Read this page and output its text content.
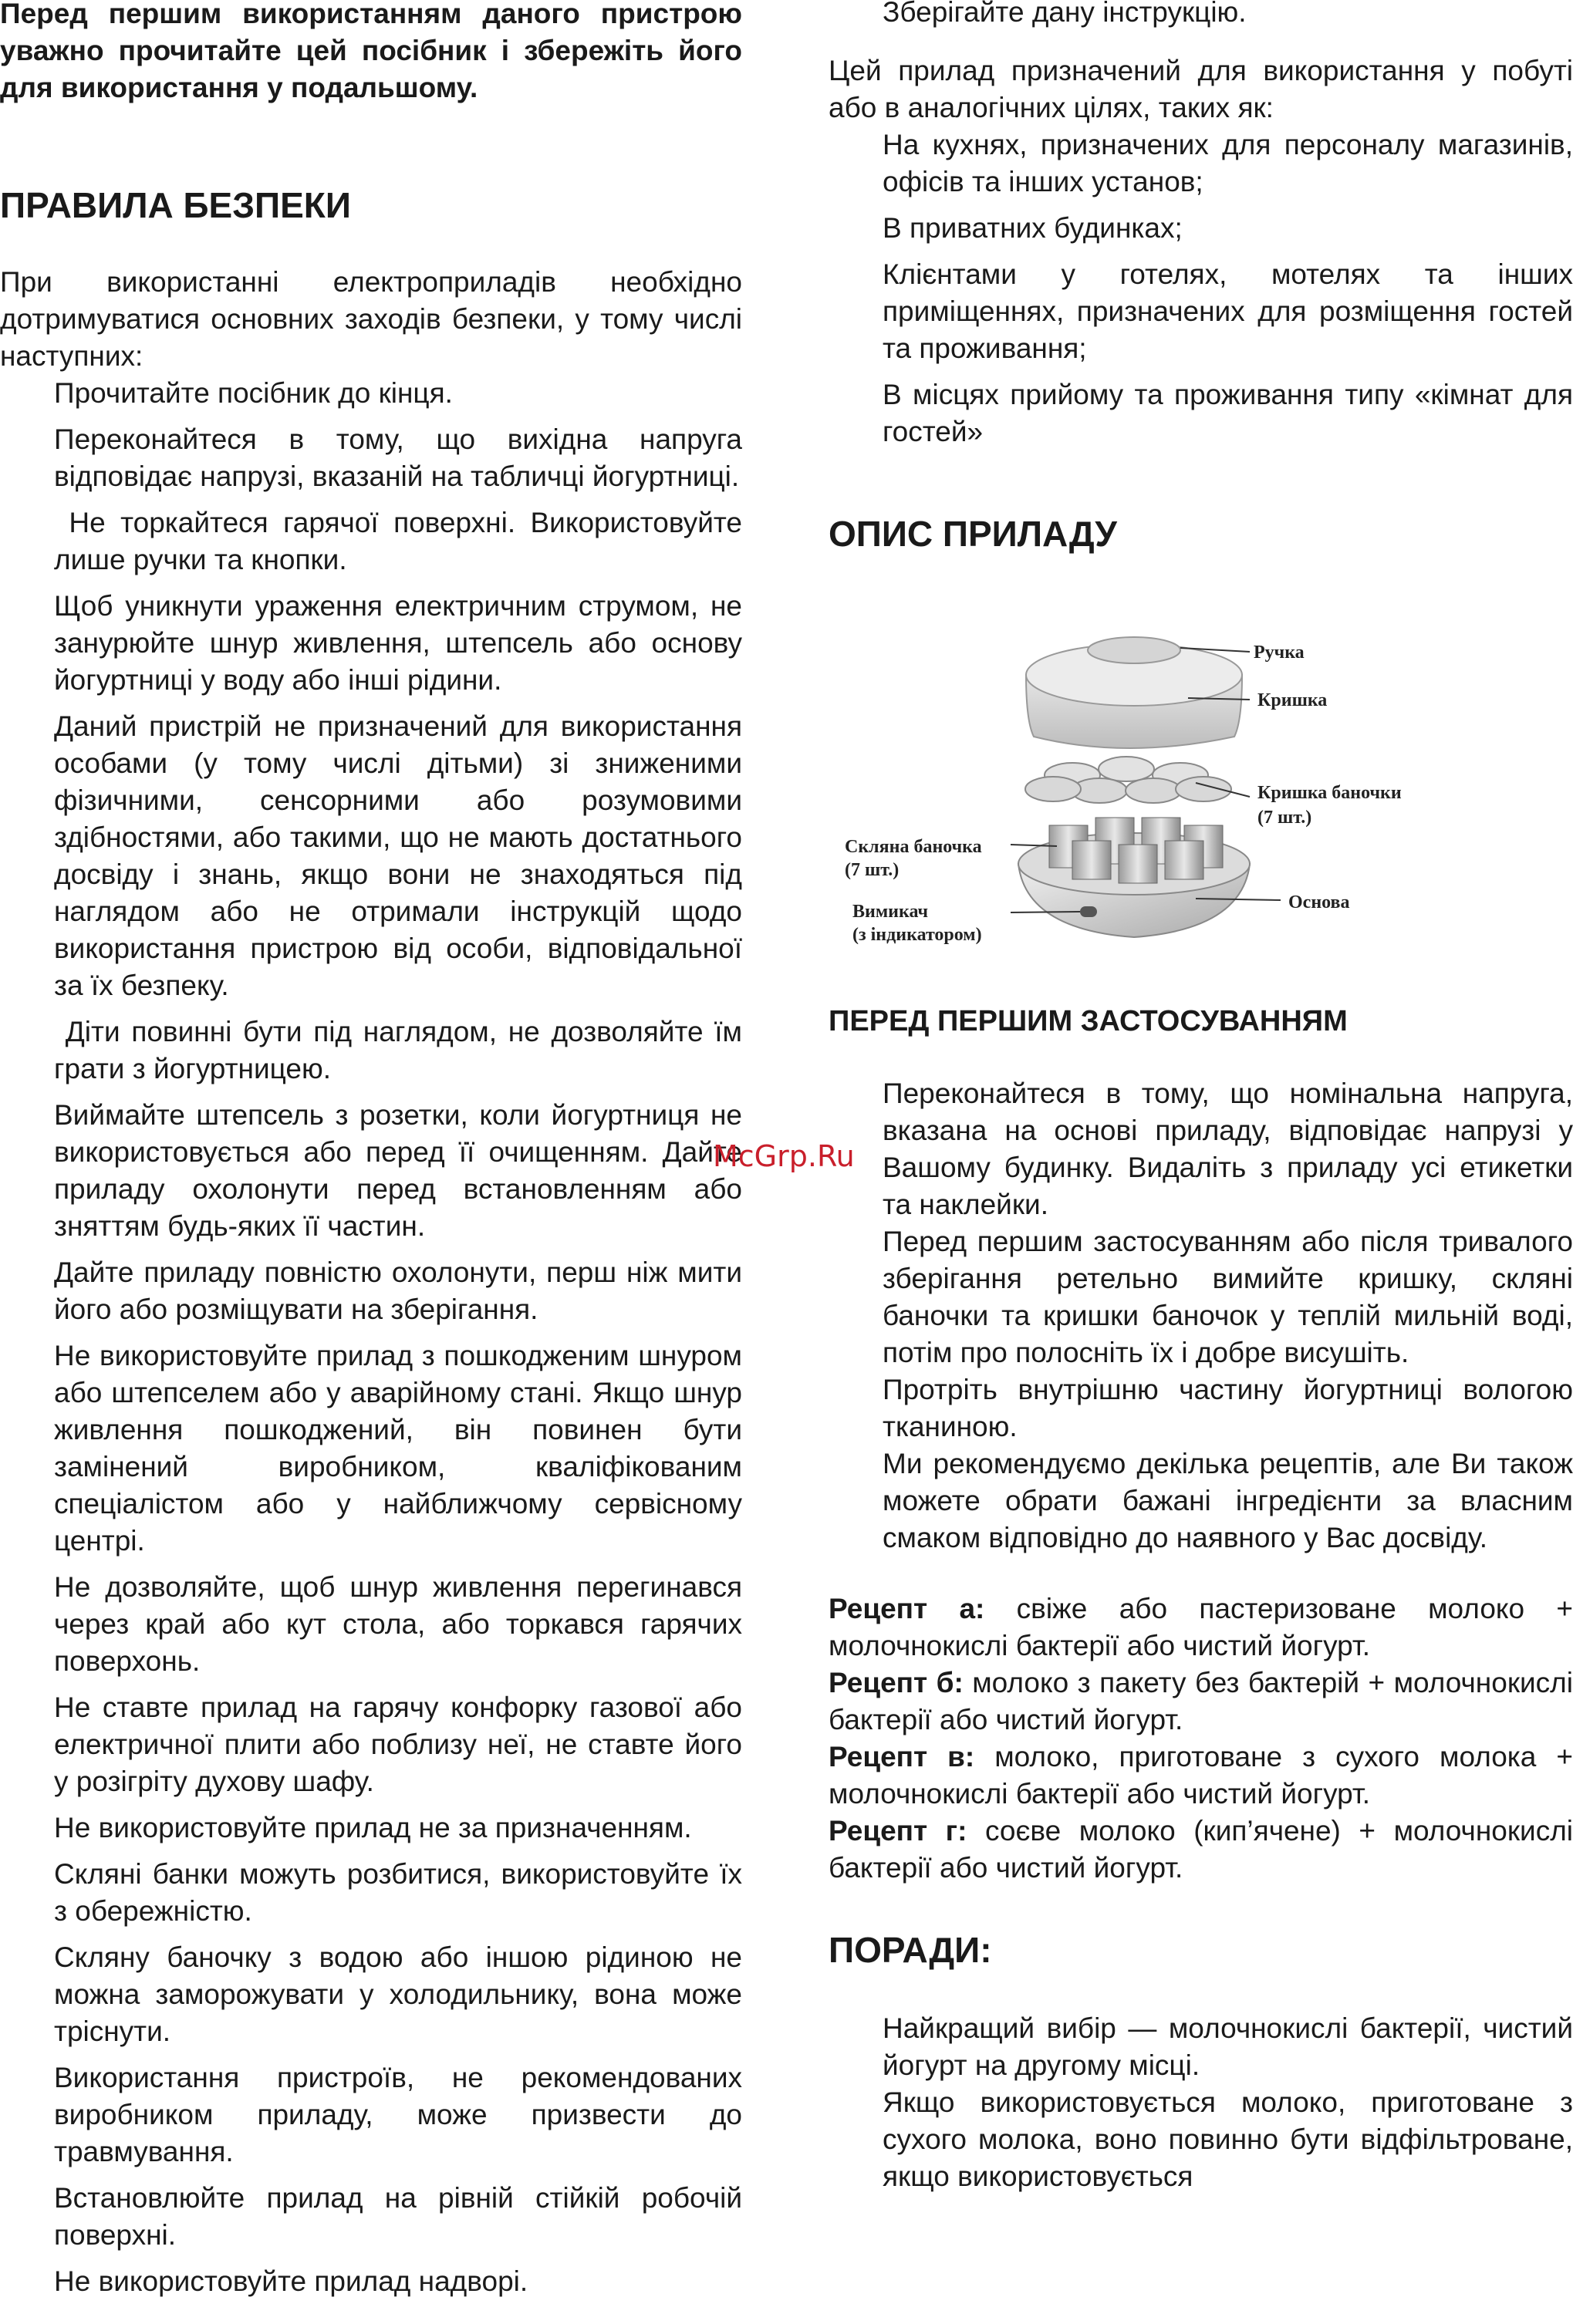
Перед першим використанням даного пристрою уважно прочитайте цей посібник і збережіть його для використання у подальшому.

ПРАВИЛА БЕЗПЕКИ

При використанні електроприладів необхідно дотримуватися основних заходів безпеки, у тому числі наступних:

Прочитайте посібник до кінця.

Переконайтеся в тому, що вихідна напруга відповідає напрузі, вказаній на табличці йогуртниці.

Не торкайтеся гарячої поверхні. Використовуйте лише ручки та кнопки.

Щоб уникнути ураження електричним струмом, не занурюйте шнур живлення, штепсель або основу йогуртниці у воду або інші рідини.

Даний пристрій не призначений для використання особами (у тому числі дітьми) зі зниженими фізичними, сенсорними або розумовими здібностями, або такими, що не мають достатнього досвіду і знань, якщо вони не знаходяться під наглядом або не отримали інструкцій щодо використання пристрою від особи, відповідальної за їх безпеку.

Діти повинні бути під наглядом, не дозволяйте їм грати з йогуртницею.

Виймайте штепсель з розетки, коли йогуртниця не використовується або перед її очищенням. Дайте приладу охолонути перед встановленням або зняттям будь-яких її частин.

Дайте приладу повністю охолонути, перш ніж мити його або розміщувати на зберігання.

Не використовуйте прилад з пошкодженим шнуром або штепселем або у аварійному стані. Якщо шнур живлення пошкоджений, він повинен бути замінений виробником, кваліфікованим спеціалістом або у найближчому сервісному центрі.

Не дозволяйте, щоб шнур живлення перегинався через край або кут стола, або торкався гарячих поверхонь.

Не ставте прилад на гарячу конфорку газової або електричної плити або поблизу неї, не ставте його у розігріту духову шафу.

Не використовуйте прилад не за призначенням.

Скляні банки можуть розбитися, використовуйте їх з обережністю.

Скляну баночку з водою або іншою рідиною не можна заморожувати у холодильнику, вона може тріснути.

Використання пристроїв, не рекомендованих виробником приладу, може призвести до травмування.

Встановлюйте прилад на рівній стійкій робочій поверхні.

Не використовуйте прилад надворі.

Зберігайте дану інструкцію.

Цей прилад призначений для використання у побуті або в аналогічних цілях, таких як:

На кухнях, призначених для персоналу магазинів, офісів та інших установ;

В приватних будинках;

Клієнтами у готелях, мотелях та інших приміщеннях, призначених для розміщення гостей та проживання;

В місцях прийому та проживання типу «кімнат для гостей»

ОПИС ПРИЛАДУ
ПЕРЕД ПЕРШИМ ЗАСТОСУВАННЯМ

Переконайтеся в тому, що номінальна напруга, вказана на основі приладу, відповідає напрузі у Вашому будинку. Видаліть з приладу усі етикетки та наклейки.

Перед першим застосуванням або після тривалого зберігання ретельно вимийте кришку, скляні баночки та кришки баночок у теплій мильній воді, потім про полосніть їх і добре висушіть.

Протріть внутрішню частину йогуртниці вологою тканиною.

Ми рекомендуємо декілька рецептів, але Ви також можете обрати бажані інгредієнти за власним смаком відповідно до наявного у Вас досвіду.

Рецепт а: свіже або пастеризоване молоко + молочнокислі бактерії або чистий йогурт.

Рецепт б: молоко з пакету без бактерій + молочнокислі бактерії або чистий йогурт.

Рецепт в: молоко, приготоване з сухого молока + молочнокислі бактерії або чистий йогурт.

Рецепт г: соєве молоко (кип’ячене) + молочнокислі бактерії або чистий йогурт.

ПОРАДИ:

Найкращий вибір — молочнокислі бактерії, чистий йогурт на другому місці.

Якщо використовується молоко, приготоване з сухого молока, воно повинно бути відфільтроване, якщо використовується

Ручка
Кришка
Кришка баночки
(7 шт.)
Скляна баночка
(7 шт.)
Вимикач
(з індикатором)
Основа
McGrp.Ru
